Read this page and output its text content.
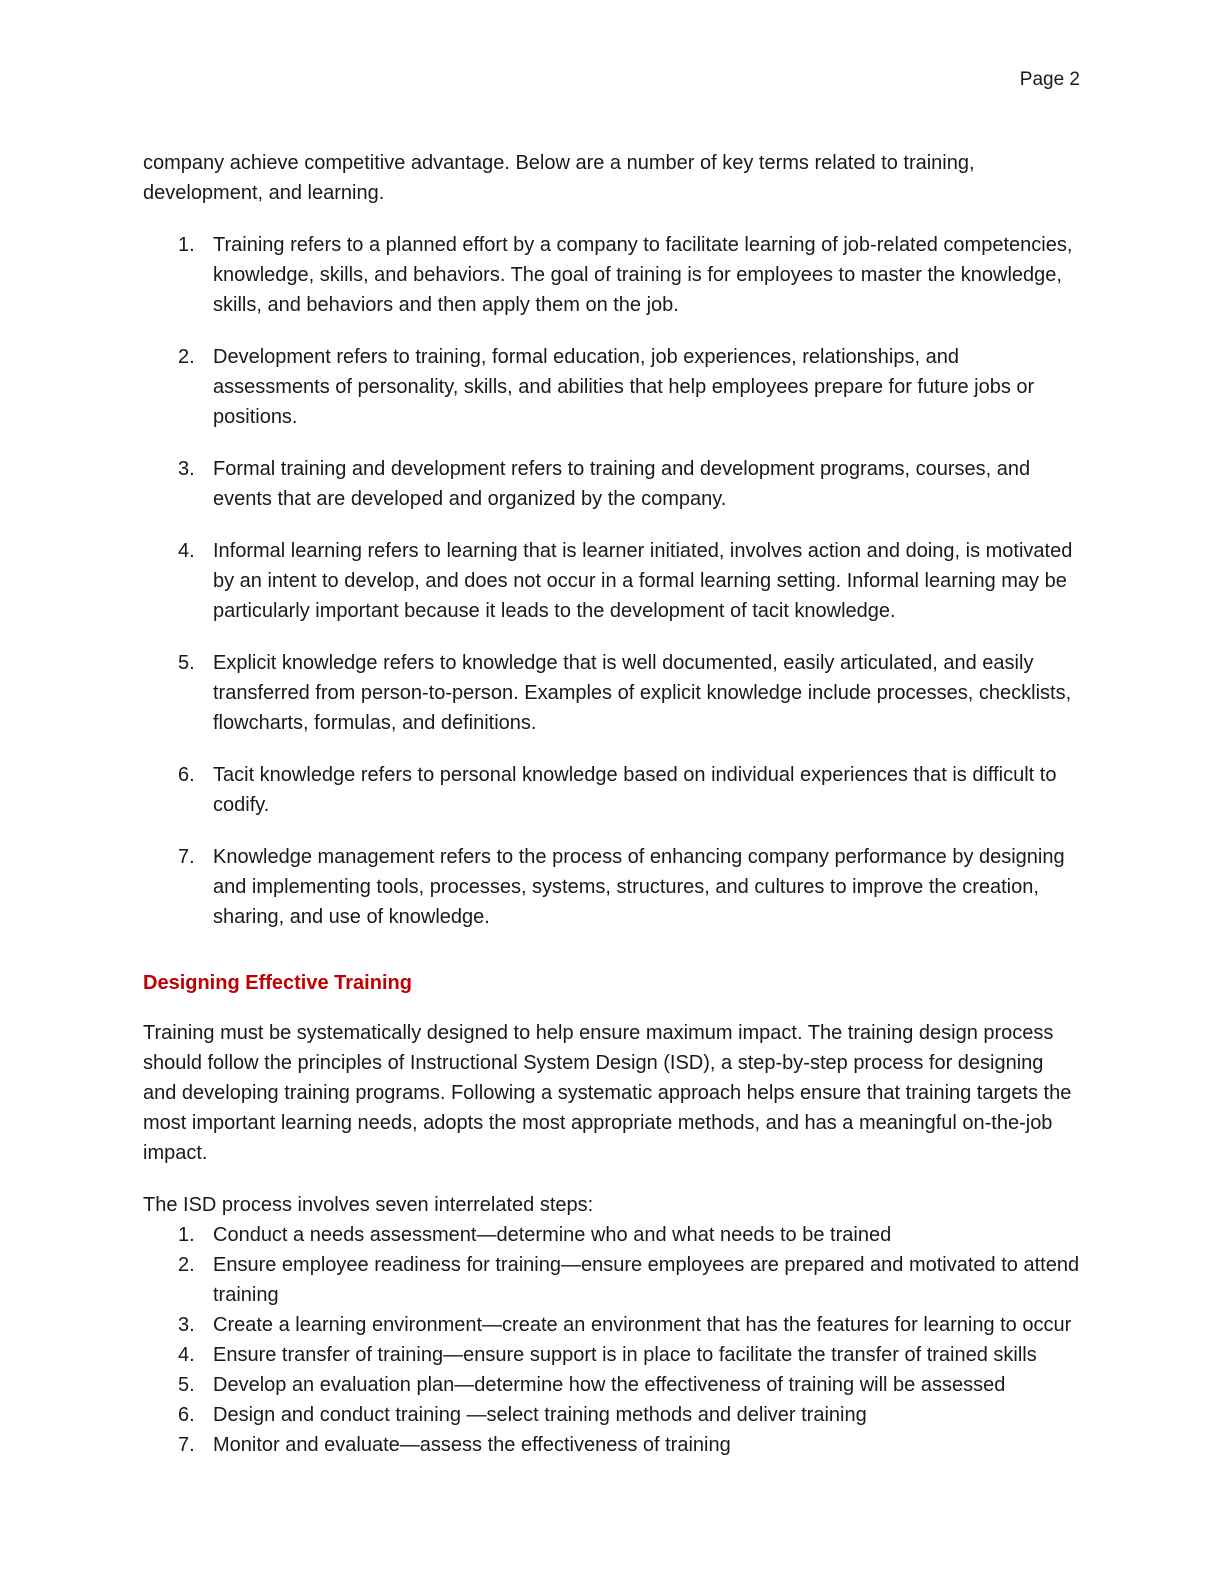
Page 2

company achieve competitive advantage. Below are a number of key terms related to training, development, and learning.

1. Training refers to a planned effort by a company to facilitate learning of job-related competencies, knowledge, skills, and behaviors. The goal of training is for employees to master the knowledge, skills, and behaviors and then apply them on the job.
2. Development refers to training, formal education, job experiences, relationships, and assessments of personality, skills, and abilities that help employees prepare for future jobs or positions.
3. Formal training and development refers to training and development programs, courses, and events that are developed and organized by the company.
4. Informal learning refers to learning that is learner initiated, involves action and doing, is motivated by an intent to develop, and does not occur in a formal learning setting. Informal learning may be particularly important because it leads to the development of tacit knowledge.
5. Explicit knowledge refers to knowledge that is well documented, easily articulated, and easily transferred from person-to-person. Examples of explicit knowledge include processes, checklists, flowcharts, formulas, and definitions.
6. Tacit knowledge refers to personal knowledge based on individual experiences that is difficult to codify.
7. Knowledge management refers to the process of enhancing company performance by designing and implementing tools, processes, systems, structures, and cultures to improve the creation, sharing, and use of knowledge.
Designing Effective Training

Training must be systematically designed to help ensure maximum impact. The training design process should follow the principles of Instructional System Design (ISD), a step-by-step process for designing and developing training programs. Following a systematic approach helps ensure that training targets the most important learning needs, adopts the most appropriate methods, and has a meaningful on-the-job impact.

The ISD process involves seven interrelated steps:

1. Conduct a needs assessment—determine who and what needs to be trained
2. Ensure employee readiness for training—ensure employees are prepared and motivated to attend training
3. Create a learning environment—create an environment that has the features for learning to occur
4. Ensure transfer of training—ensure support is in place to facilitate the transfer of trained skills
5. Develop an evaluation plan—determine how the effectiveness of training will be assessed
6. Design and conduct training —select training methods and deliver training
7. Monitor and evaluate—assess the effectiveness of training
